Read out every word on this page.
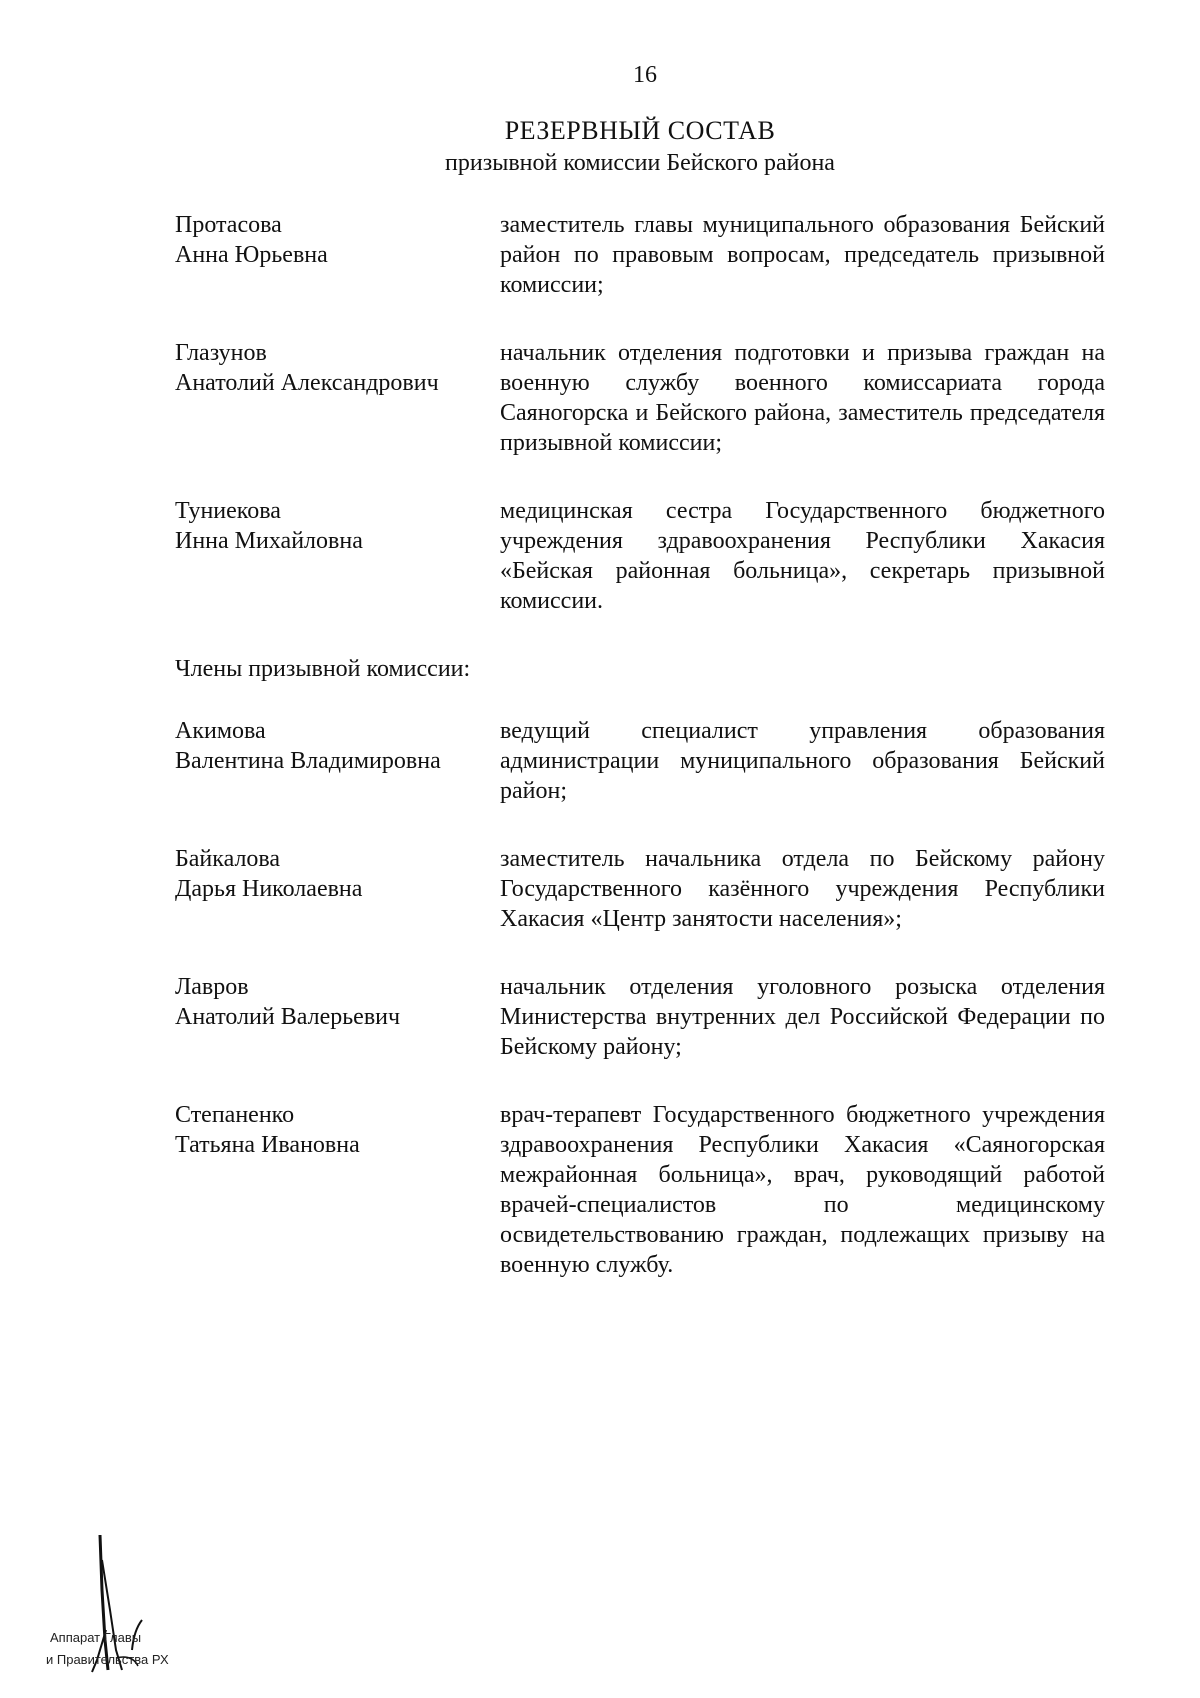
16
РЕЗЕРВНЫЙ СОСТАВ
призывной комиссии Бейского района
Протасова
Анна Юрьевна
заместитель главы муниципального образования Бейский район по правовым вопросам, председатель призывной комиссии;
Глазунов
Анатолий Александрович
начальник отделения подготовки и призыва граждан на военную службу военного комиссариата города Саяногорска и Бейского района, заместитель председателя призывной комиссии;
Туниекова
Инна Михайловна
медицинская сестра Государственного бюджетного учреждения здравоохранения Республики Хакасия «Бейская районная больница», секретарь призывной комиссии.
Члены призывной комиссии:
Акимова
Валентина Владимировна
ведущий специалист управления образования администрации муниципального образования Бейский район;
Байкалова
Дарья Николаевна
заместитель начальника отдела по Бейскому району Государственного казённого учреждения Республики Хакасия «Центр занятости населения»;
Лавров
Анатолий Валерьевич
начальник отделения уголовного розыска отделения Министерства внутренних дел Российской Федерации по Бейскому району;
Степаненко
Татьяна Ивановна
врач-терапевт Государственного бюджетного учреждения здравоохранения Республики Хакасия «Саяногорская межрайонная больница», врач, руководящий работой врачей-специалистов по медицинскому освидетельствованию граждан, подлежащих призыву на военную службу.
Аппарат Главы
и Правительства РХ
